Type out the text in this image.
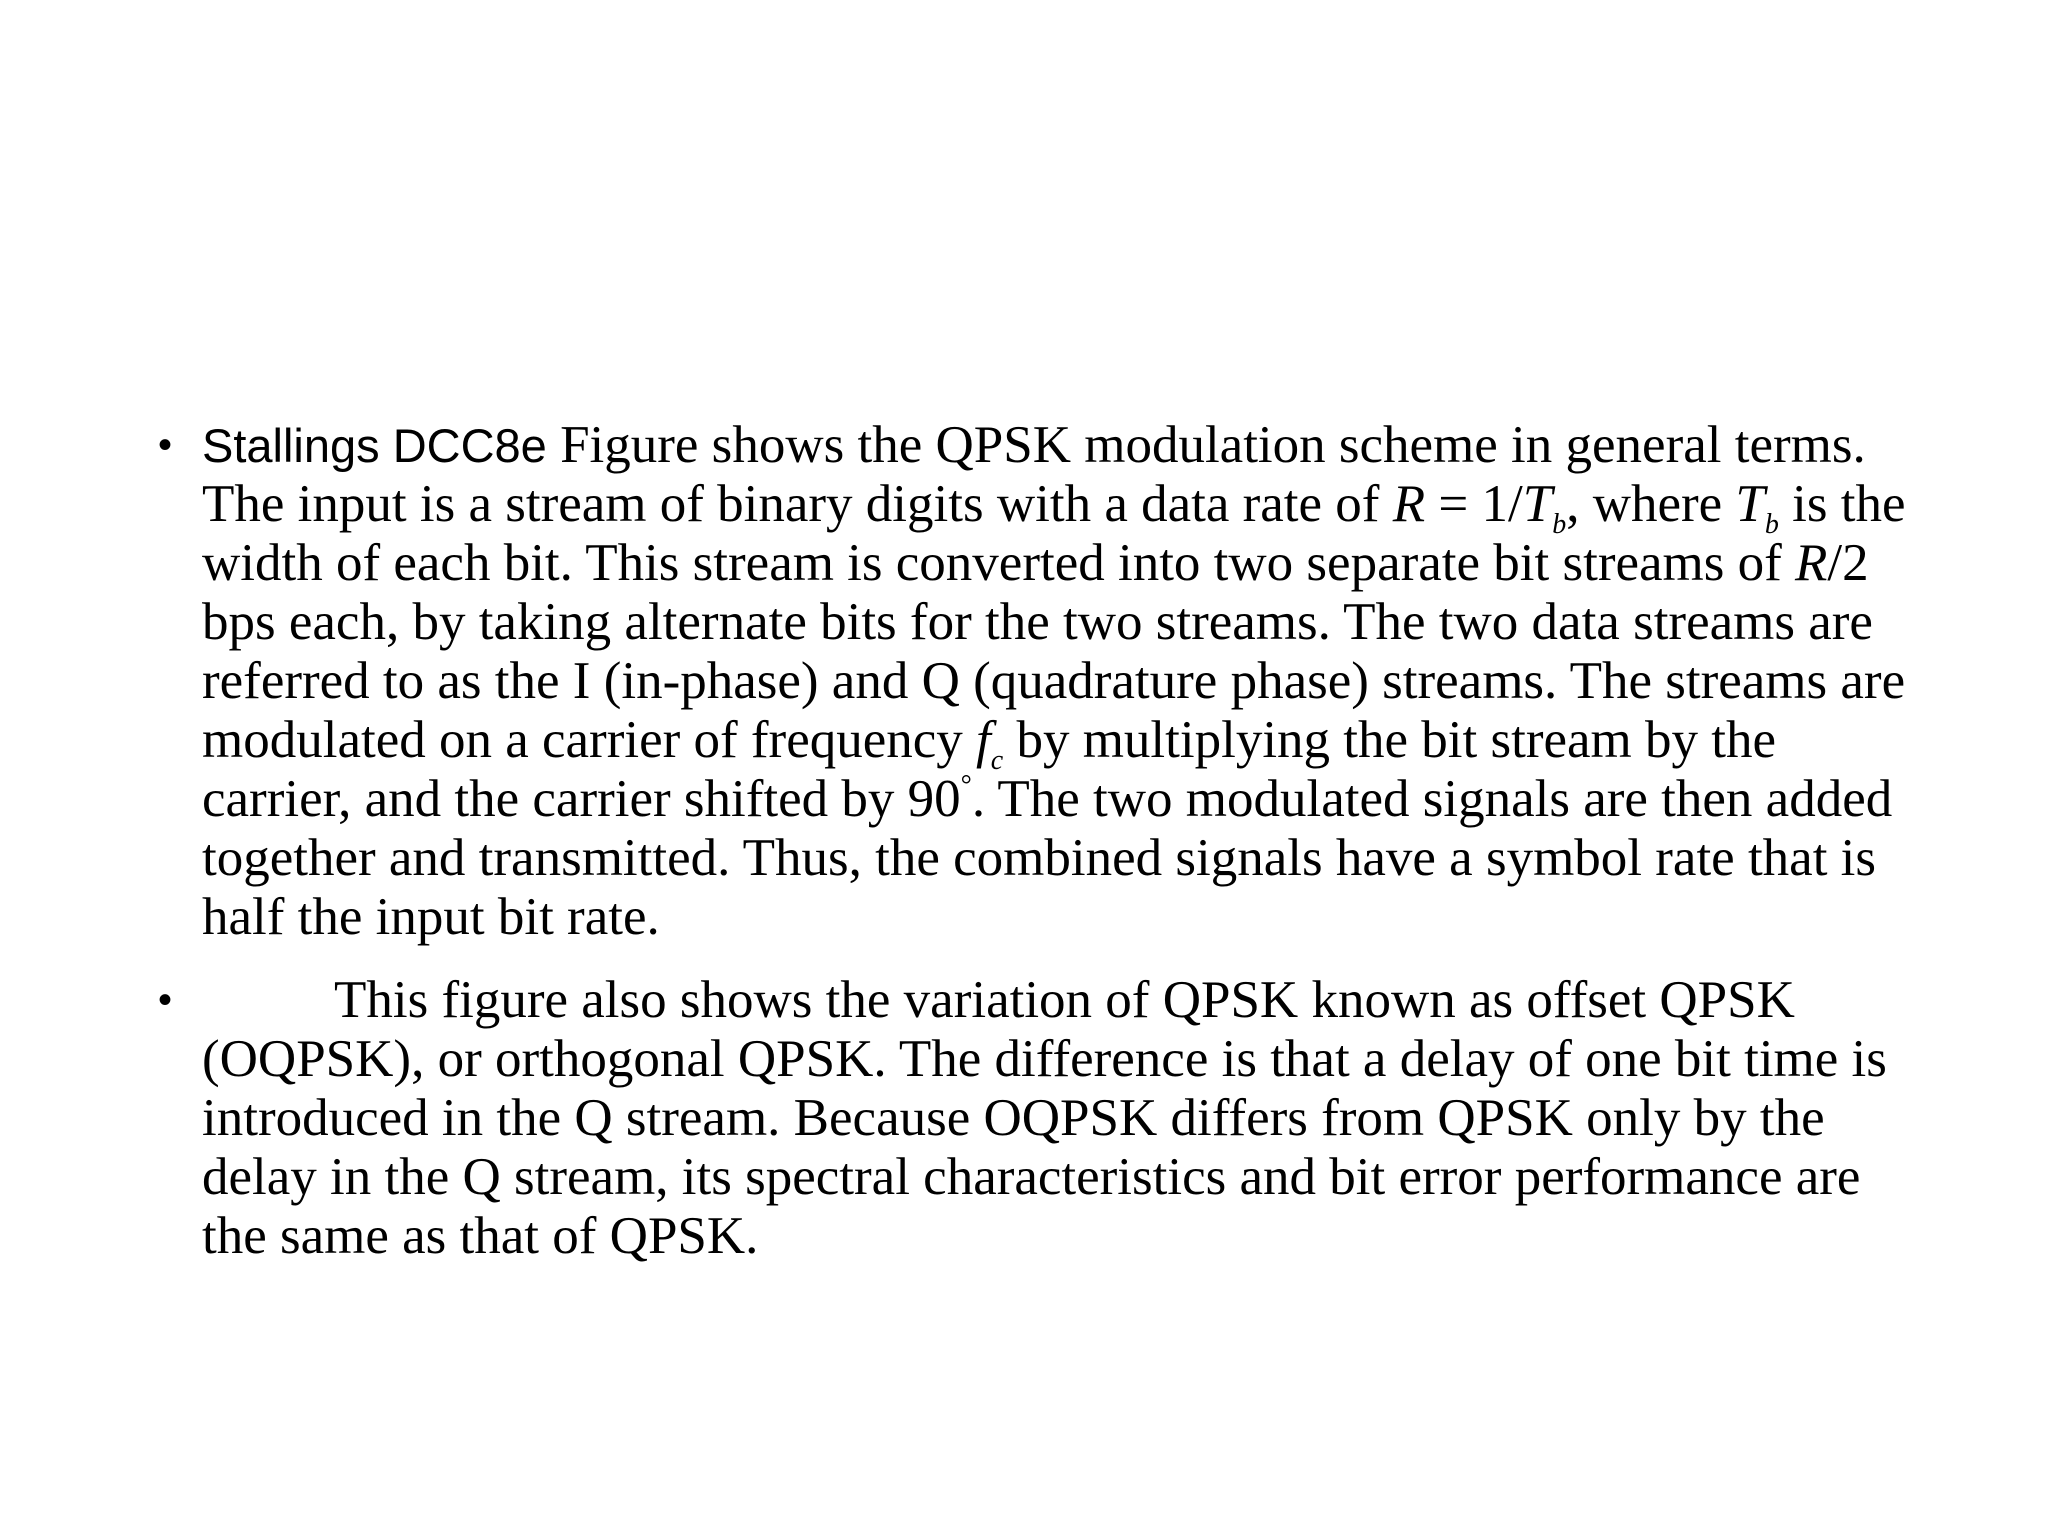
• Stallings DCC8e Figure shows the QPSK modulation scheme in general terms. The input is a stream of binary digits with a data rate of $R = 1/T_b$, where $T_b$ is the width of each bit. This stream is converted into two separate bit streams of R/2 bps each, by taking alternate bits for the two streams. The two data streams are referred to as the I (in-phase) and Q (quadrature phase) streams. The streams are modulated on a carrier of frequency $f_c$ by multiplying the bit stream by the carrier, and the carrier shifted by 90°. The two modulated signals are then added together and transmitted. Thus, the combined signals have a symbol rate that is half the input bit rate.
•	This figure also shows the variation of QPSK known as offset QPSK (OQPSK), or orthogonal QPSK. The difference is that a delay of one bit time is introduced in the Q stream. Because OQPSK differs from QPSK only by the delay in the Q stream, its spectral characteristics and bit error performance are the same as that of QPSK.
